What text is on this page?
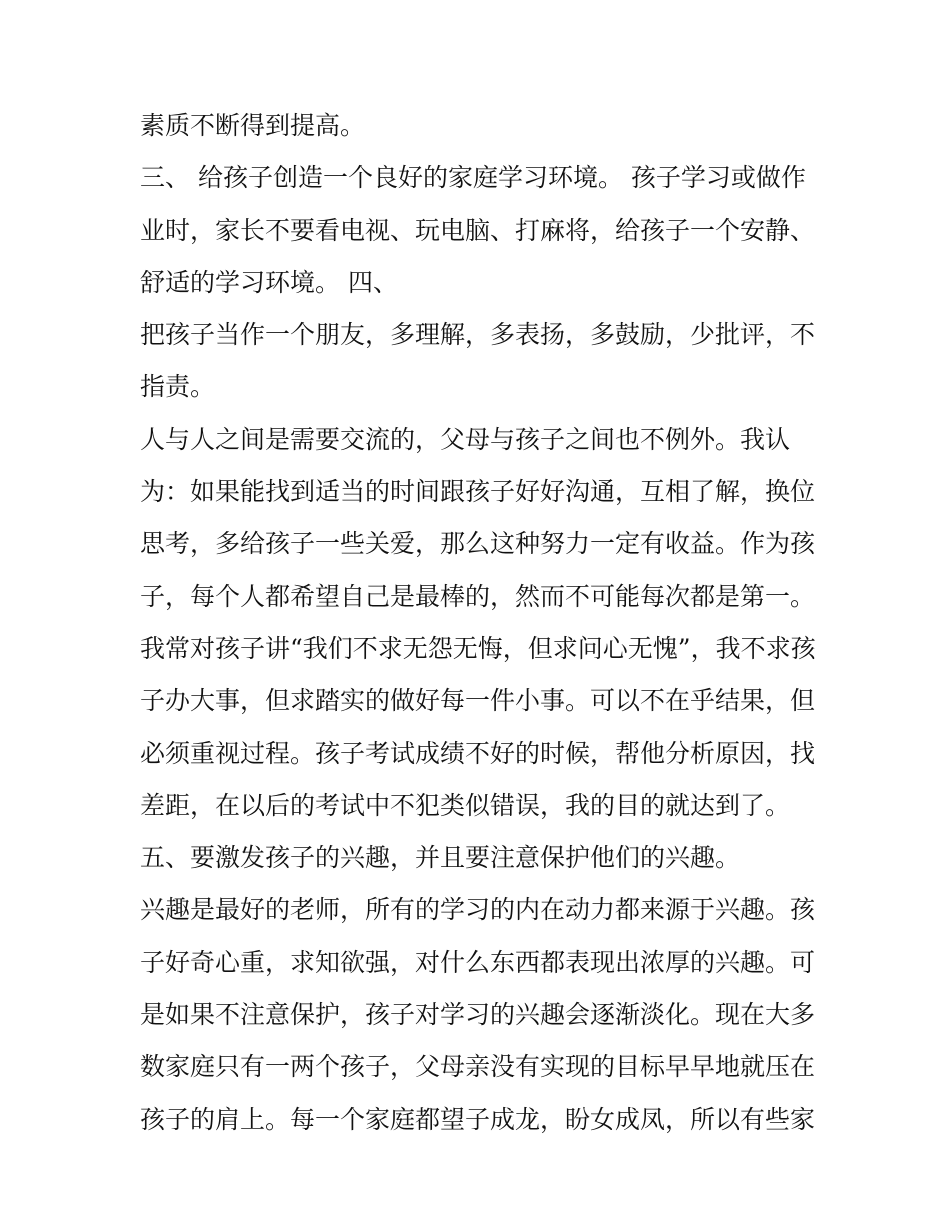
素质不断得到提高。
三、 给孩子创造一个良好的家庭学习环境。 孩子学习或做作
业时，家长不要看电视、玩电脑、打麻将，给孩子一个安静、
舒适的学习环境。 四、
把孩子当作一个朋友，多理解，多表扬，多鼓励，少批评，不
指责。
人与人之间是需要交流的，父母与孩子之间也不例外。我认
为：如果能找到适当的时间跟孩子好好沟通，互相了解，换位
思考，多给孩子一些关爱，那么这种努力一定有收益。作为孩
子，每个人都希望自己是最棒的，然而不可能每次都是第一。
我常对孩子讲“我们不求无怨无悔，但求问心无愧”，我不求孩
子办大事，但求踏实的做好每一件小事。可以不在乎结果，但
必须重视过程。孩子考试成绩不好的时候，帮他分析原因，找
差距，在以后的考试中不犯类似错误，我的目的就达到了。
五、要激发孩子的兴趣，并且要注意保护他们的兴趣。
兴趣是最好的老师，所有的学习的内在动力都来源于兴趣。孩
子好奇心重，求知欲强，对什么东西都表现出浓厚的兴趣。可
是如果不注意保护，孩子对学习的兴趣会逐渐淡化。现在大多
数家庭只有一两个孩子，父母亲没有实现的目标早早地就压在
孩子的肩上。每一个家庭都望子成龙，盼女成凤，所以有些家
